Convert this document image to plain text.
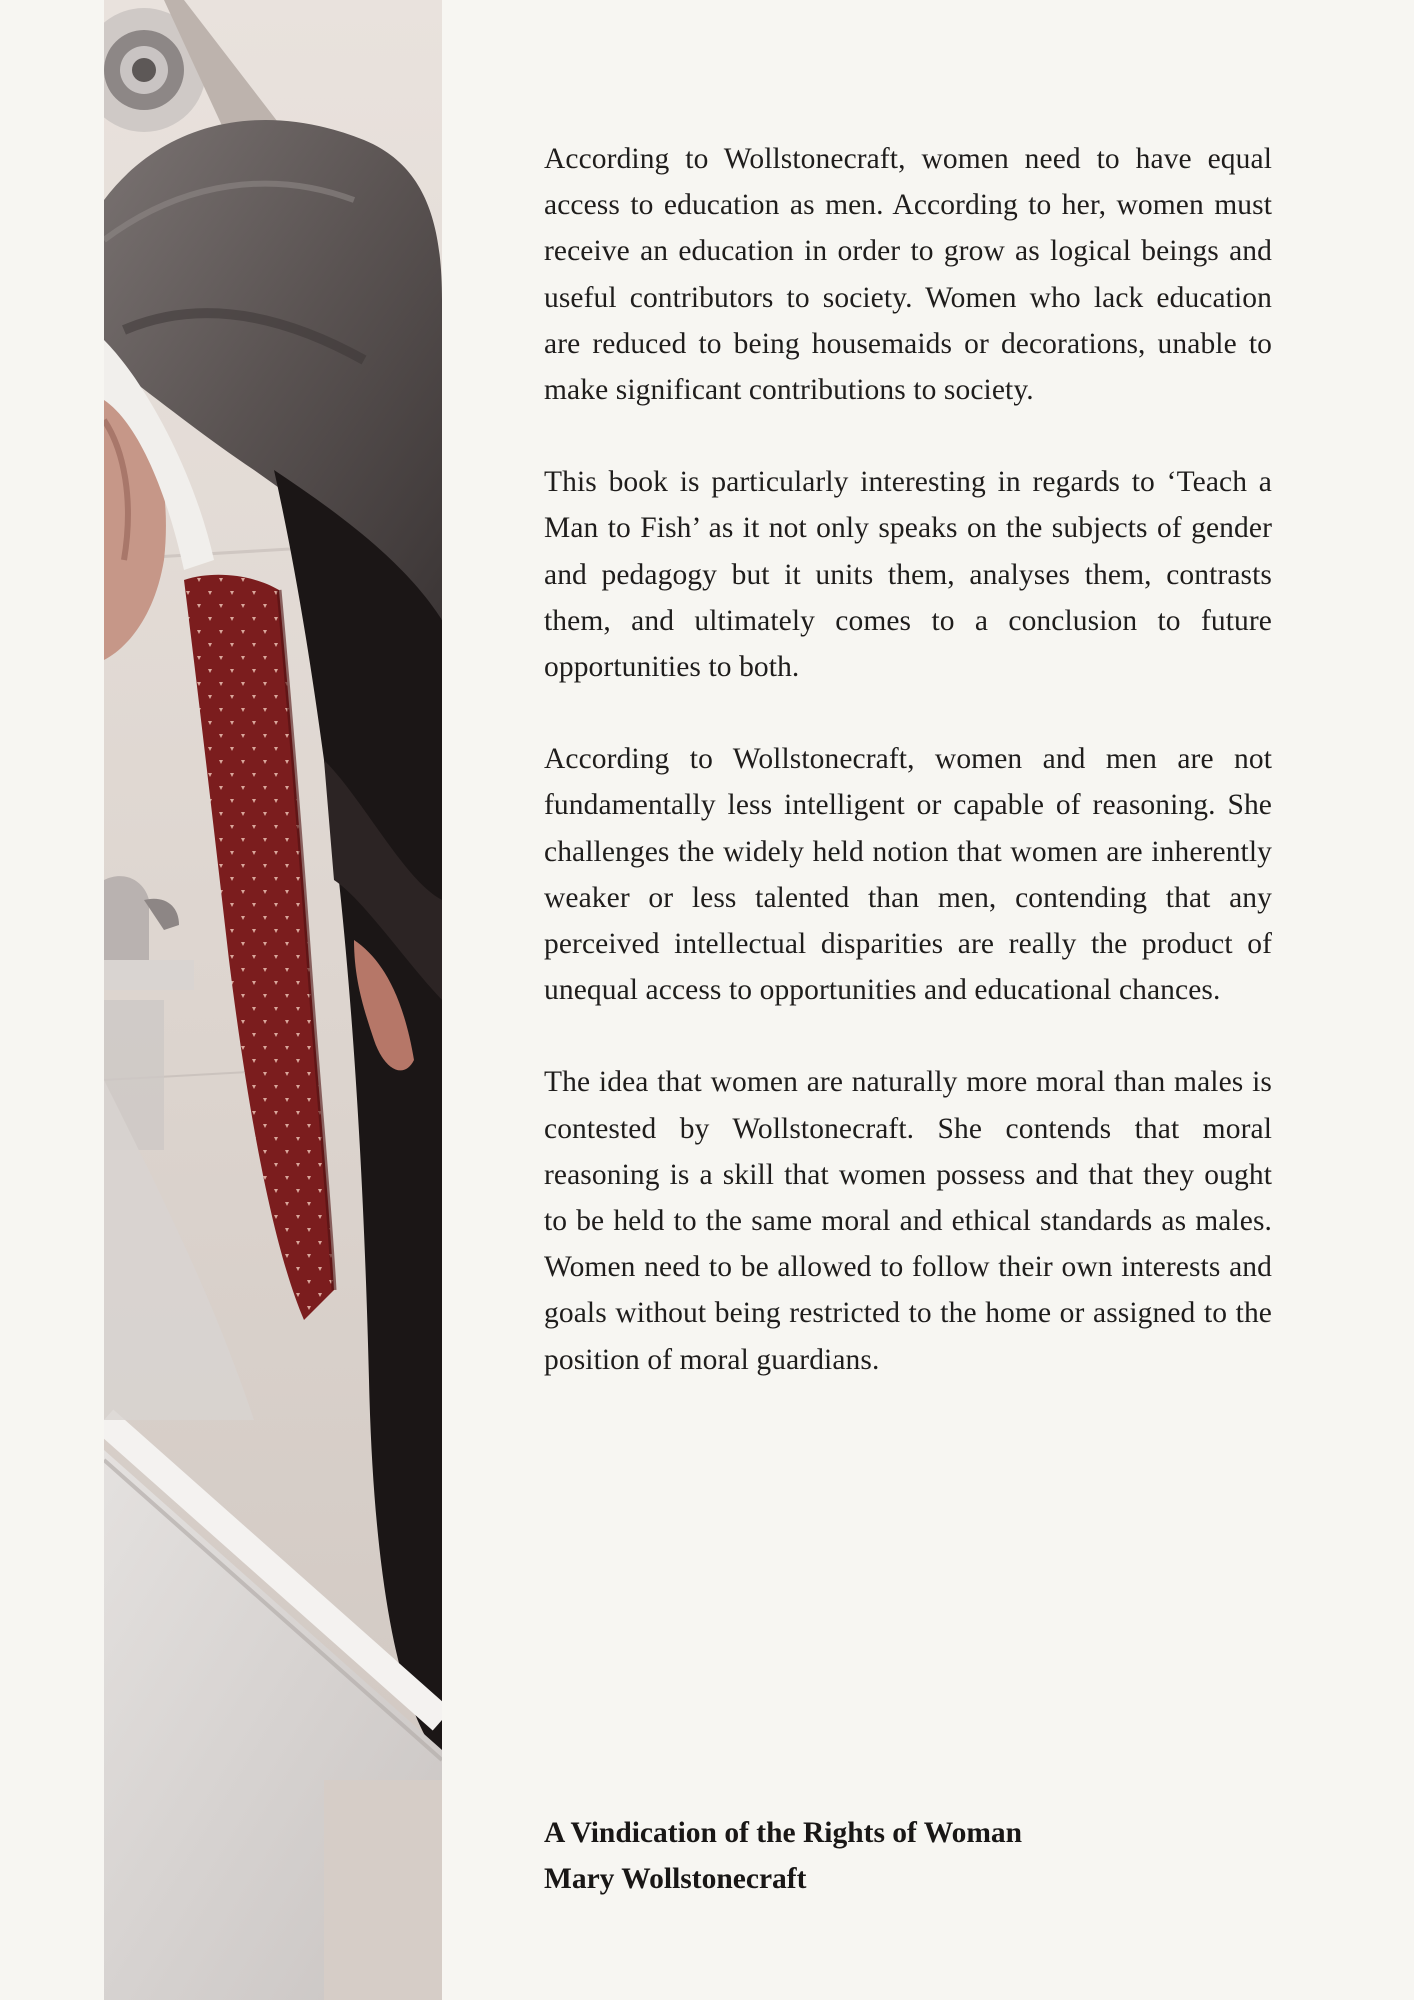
According to Wollstonecraft, women need to have equal access to education as men. According to her, women must receive an education in order to grow as logical beings and useful contributors to society. Women who lack education are reduced to being housemaids or decorations, unable to make significant contributions to society.

This book is particularly interesting in regards to ‘Teach a Man to Fish’ as it not only speaks on the subjects of gender and pedagogy but it units them, analyses them, contrasts them, and ultimately comes to a conclusion to future opportunities to both.

According to Wollstonecraft, women and men are not fundamentally less intelligent or capable of reasoning. She challenges the widely held notion that women are inherently weaker or less talented than men, contending that any perceived intellectual disparities are really the product of unequal access to opportunities and educational chances.

The idea that women are naturally more moral than males is contested by Wollstonecraft. She contends that moral reasoning is a skill that women possess and that they ought to be held to the same moral and ethical standards as males. Women need to be allowed to follow their own interests and goals without being restricted to the home or assigned to the position of moral guardians.

A Vindication of the Rights of Woman
Mary Wollstonecraft
